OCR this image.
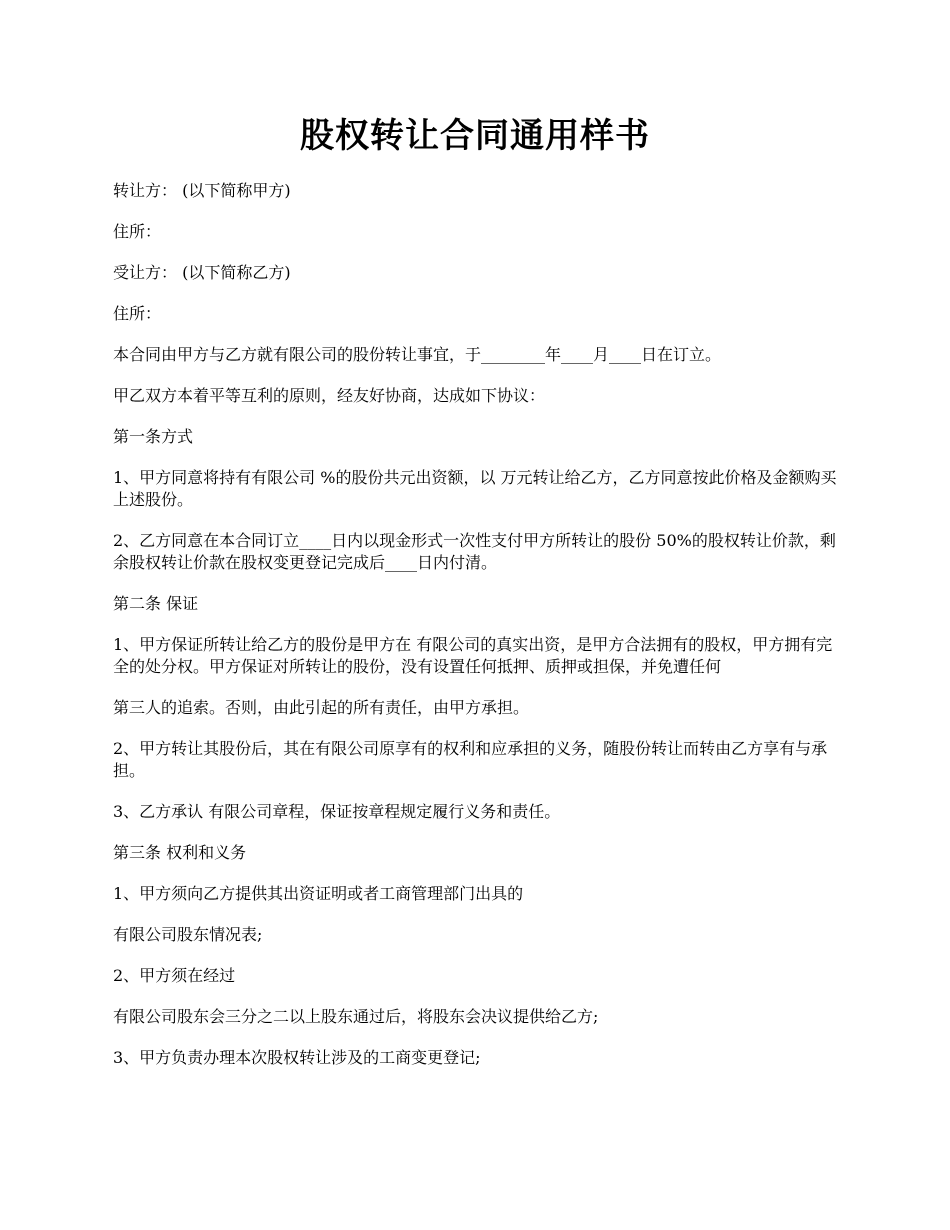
股权转让合同通用样书

转让方： (以下简称甲方)

住所：

受让方： (以下简称乙方)

住所：

本合同由甲方与乙方就有限公司的股份转让事宜，于________年____月____日在订立。

甲乙双方本着平等互利的原则，经友好协商，达成如下协议：

第一条方式

1、甲方同意将持有有限公司 %的股份共元出资额，以 万元转让给乙方，乙方同意按此价格及金额购买上述股份。

2、乙方同意在本合同订立____日内以现金形式一次性支付甲方所转让的股份 50%的股权转让价款，剩余股权转让价款在股权变更登记完成后____日内付清。

第二条 保证

1、甲方保证所转让给乙方的股份是甲方在 有限公司的真实出资，是甲方合法拥有的股权，甲方拥有完全的处分权。甲方保证对所转让的股份，没有设置任何抵押、质押或担保，并免遭任何

第三人的追索。否则，由此引起的所有责任，由甲方承担。

2、甲方转让其股份后，其在有限公司原享有的权利和应承担的义务，随股份转让而转由乙方享有与承担。

3、乙方承认 有限公司章程，保证按章程规定履行义务和责任。

第三条 权利和义务

1、甲方须向乙方提供其出资证明或者工商管理部门出具的

有限公司股东情况表;

2、甲方须在经过

有限公司股东会三分之二以上股东通过后，将股东会决议提供给乙方;

3、甲方负责办理本次股权转让涉及的工商变更登记;
